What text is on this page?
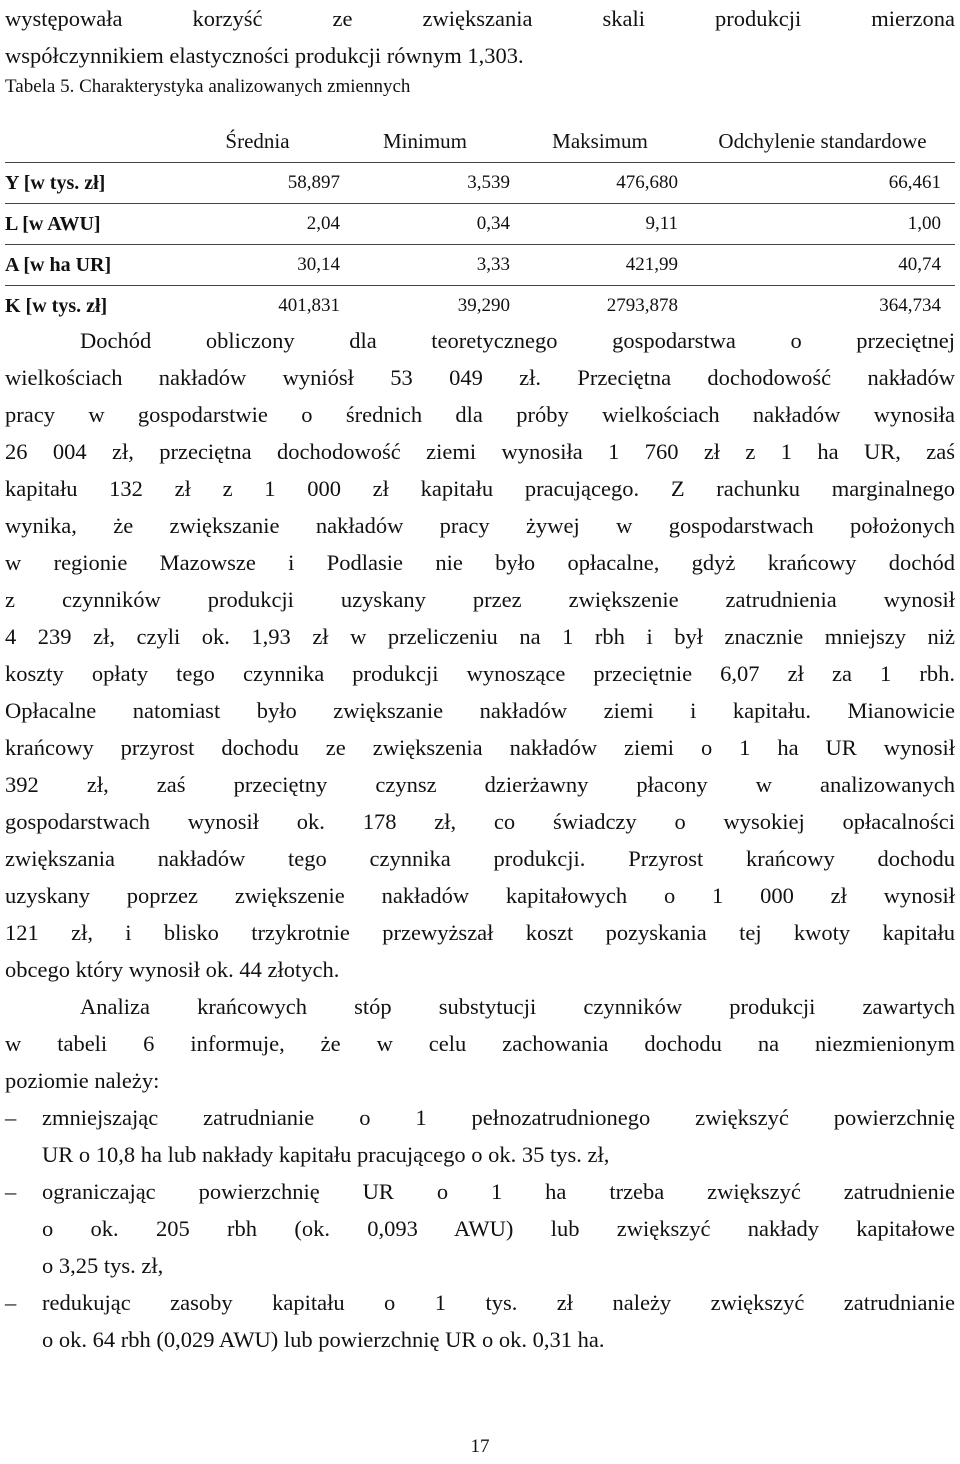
występowała korzyść ze zwiększania skali produkcji mierzona

współczynnikiem elastyczności produkcji równym 1,303.

Tabela 5. Charakterystyka analizowanych zmiennych

	Średnia	Minimum	Maksimum	Odchylenie standardowe
Y [w tys. zł]	58,897	3,539	476,680	66,461
L [w AWU]	2,04	0,34	9,11	1,00
A [w ha UR]	30,14	3,33	421,99	40,74
K [w tys. zł]	401,831	39,290	2793,878	364,734

Dochód obliczony dla teoretycznego gospodarstwa o przeciętnej

wielkościach nakładów wyniósł 53 049 zł. Przeciętna dochodowość nakładów

pracy w gospodarstwie o średnich dla próby wielkościach nakładów wynosiła

26 004 zł, przeciętna dochodowość ziemi wynosiła 1 760 zł z 1 ha UR, zaś

kapitału 132 zł z 1 000 zł kapitału pracującego. Z rachunku marginalnego

wynika, że zwiększanie nakładów pracy żywej w gospodarstwach położonych

w regionie Mazowsze i Podlasie nie było opłacalne, gdyż krańcowy dochód

z czynników produkcji uzyskany przez zwiększenie zatrudnienia wynosił

4 239 zł, czyli ok. 1,93 zł w przeliczeniu na 1 rbh i był znacznie mniejszy niż

koszty opłaty tego czynnika produkcji wynoszące przeciętnie 6,07 zł za 1 rbh.

Opłacalne natomiast było zwiększanie nakładów ziemi i kapitału. Mianowicie

krańcowy przyrost dochodu ze zwiększenia nakładów ziemi o 1 ha UR wynosił

392 zł, zaś przeciętny czynsz dzierżawny płacony w analizowanych

gospodarstwach wynosił ok. 178 zł, co świadczy o wysokiej opłacalności

zwiększania nakładów tego czynnika produkcji. Przyrost krańcowy dochodu

uzyskany poprzez zwiększenie nakładów kapitałowych o 1 000 zł wynosił

121 zł, i blisko trzykrotnie przewyższał koszt pozyskania tej kwoty kapitału

obcego który wynosił ok. 44 złotych.

Analiza krańcowych stóp substytucji czynników produkcji zawartych

w tabeli 6 informuje, że w celu zachowania dochodu na niezmienionym

poziomie należy:

– zmniejszając zatrudnianie o 1 pełnozatrudnionego zwiększyć powierzchnię

UR o 10,8 ha lub nakłady kapitału pracującego o ok. 35 tys. zł,

– ograniczając powierzchnię UR o 1 ha trzeba zwiększyć zatrudnienie

o ok. 205 rbh (ok. 0,093 AWU) lub zwiększyć nakłady kapitałowe

o 3,25 tys. zł,

– redukując zasoby kapitału o 1 tys. zł należy zwiększyć zatrudnianie

o ok. 64 rbh (0,029 AWU) lub powierzchnię UR o ok. 0,31 ha.

17
